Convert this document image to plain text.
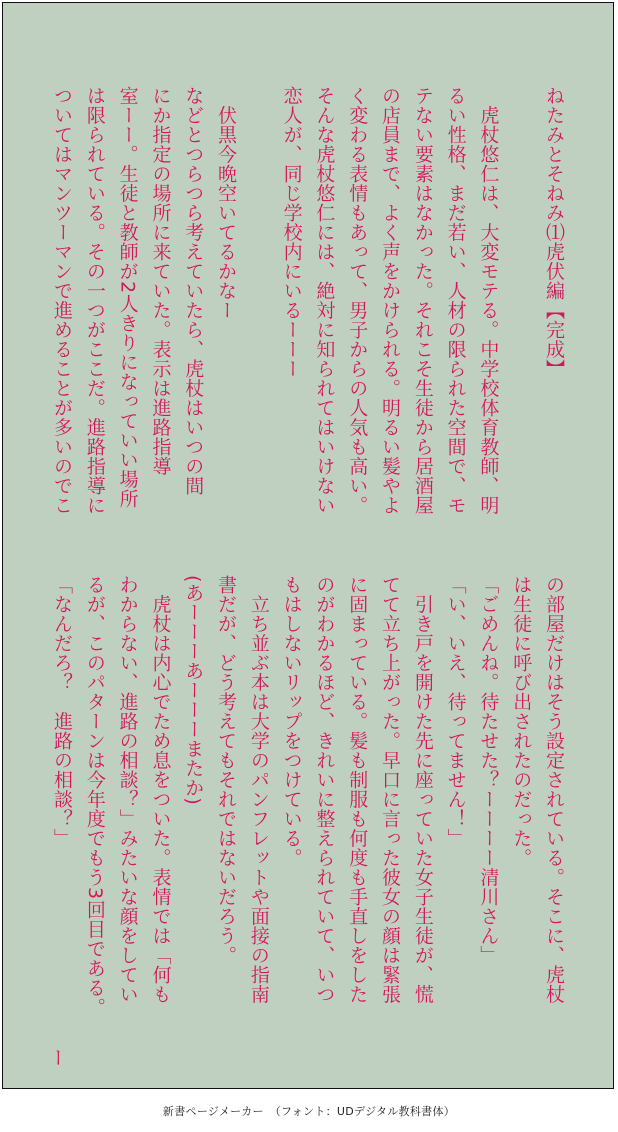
ねたみとそねみ⑴虎伏編【完成】

　虎杖悠仁は、大変モテる。中学校体育教師、明
るい性格、まだ若い、人材の限られた空間で、モ
テない要素はなかった。それこそ生徒から居酒屋
の店員まで、よく声をかけられる。明るい髪やよ
く変わる表情もあって、男子からの人気も高い。
そんな虎杖悠仁には、絶対に知られてはいけない
恋人が、同じ学校内にいるーーー

　伏黒今晩空いてるかなー
などとつらつら考えていたら、虎杖はいつの間
にか指定の場所に来ていた。表示は進路指導
室ーー。生徒と教師が2人きりになっていい場所
は限られている。その一つがここだ。進路指導に
ついてはマンツーマンで進めることが多いのでこ
の部屋だけはそう設定されている。そこに、虎杖
は生徒に呼び出されたのだった。
「ごめんね。待たせた？ーーーー清川さん」
「い、いえ、待ってません！」
　引き戸を開けた先に座っていた女子生徒が、慌
てて立ち上がった。早口に言った彼女の顔は緊張
に固まっている。髪も制服も何度も手直しをした
のがわかるほど、きれいに整えられていて、いつ
もはしないリップをつけている。
　立ち並ぶ本は大学のパンフレットや面接の指南
書だが、どう考えてもそれではないだろう。
(あーーーあーーーまたか)
　虎杖は内心でため息をついた。表情では「何も
わからない、進路の相談？」みたいな顔をしてい
るが、このパターンは今年度でもう3回目である。
「なんだろ？　進路の相談？」
ー
新書ページメーカー　（フォント：UDデジタル教科書体）
